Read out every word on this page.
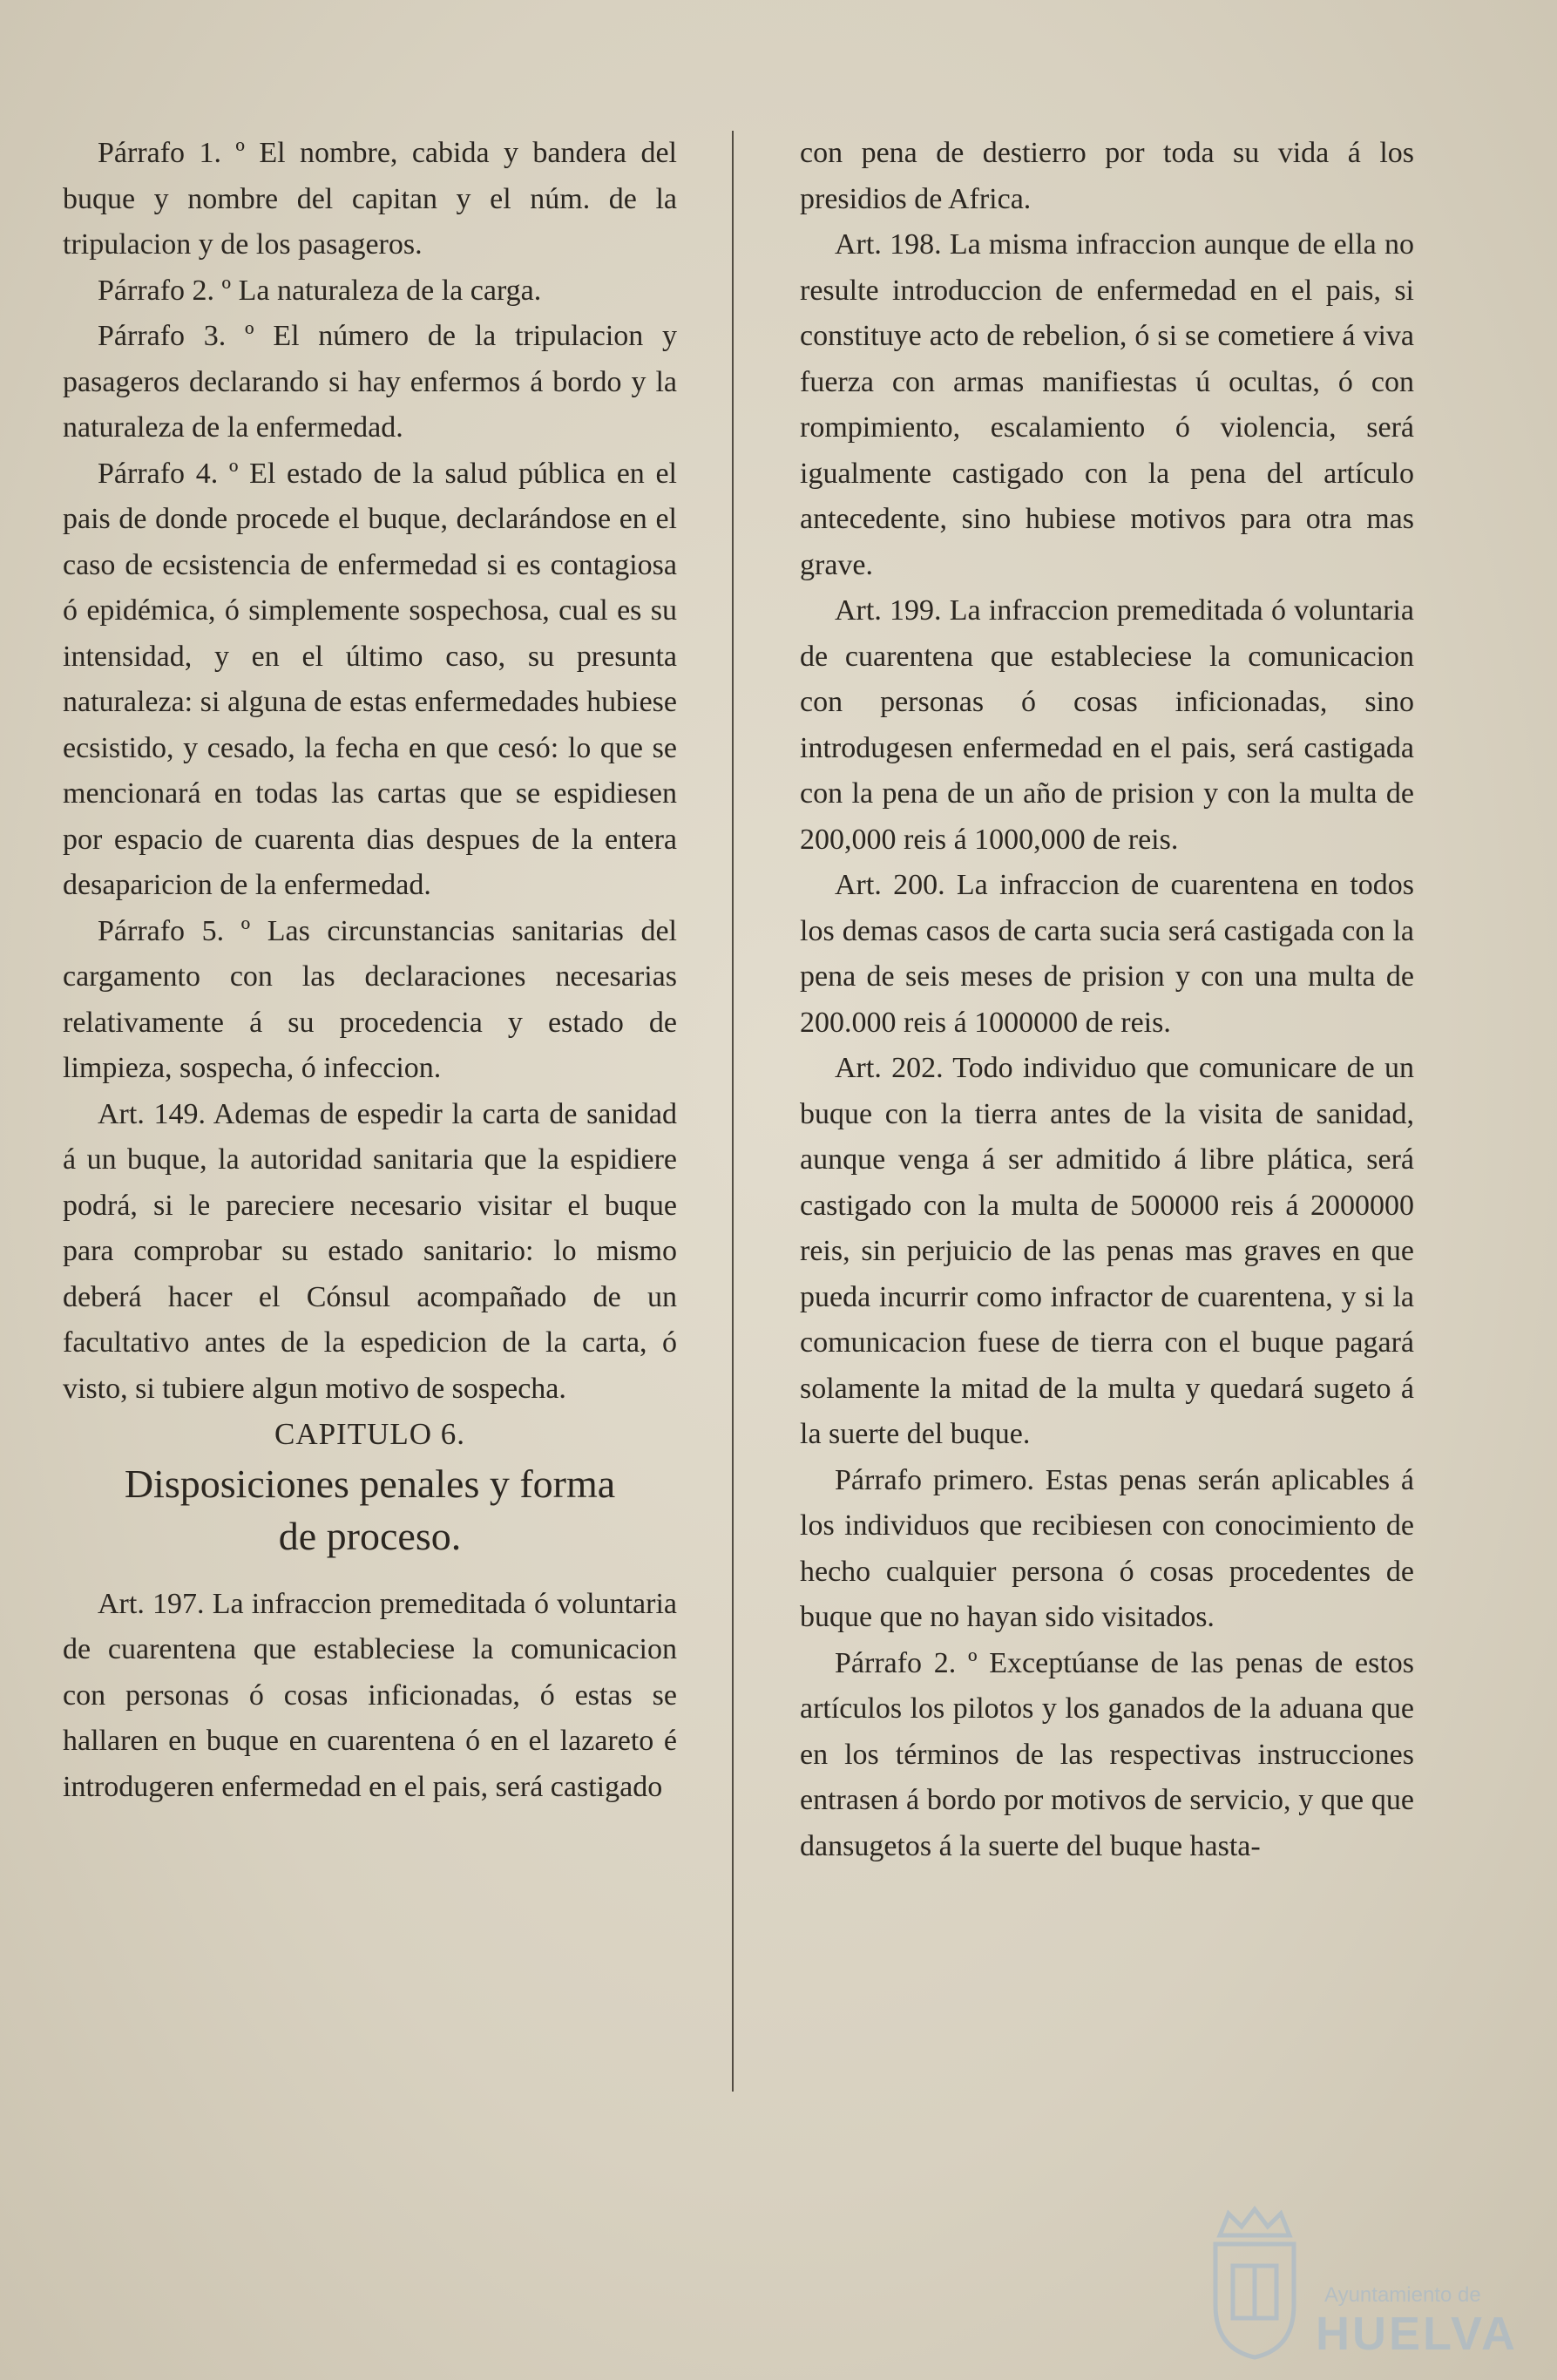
Párrafo 1. º El nombre, cabida y bandera del buque y nombre del capitan y el núm. de la tripulacion y de los pasageros.

Párrafo 2. º La naturaleza de la carga.

Párrafo 3. º El número de la tripulacion y pasageros declarando si hay enfermos á bordo y la naturaleza de la enfermedad.

Párrafo 4. º El estado de la salud pública en el pais de donde procede el buque, declarándose en el caso de ecsistencia de enfermedad si es contagiosa ó epidémica, ó simplemente sospechosa, cual es su intensidad, y en el último caso, su presunta naturaleza: si alguna de estas enfermedades hubiese ecsistido, y cesado, la fecha en que cesó: lo que se mencionará en todas las cartas que se espidiesen por espacio de cuarenta dias despues de la entera desaparicion de la enfermedad.

Párrafo 5. º Las circunstancias sanitarias del cargamento con las declaraciones necesarias relativamente á su procedencia y estado de limpieza, sospecha, ó infeccion.

Art. 149. Ademas de espedir la carta de sanidad á un buque, la autoridad sanitaria que la espidiere podrá, si le pareciere necesario visitar el buque para comprobar su estado sanitario: lo mismo deberá hacer el Cónsul acompañado de un facultativo antes de la espedicion de la carta, ó visto, si tubiere algun motivo de sospecha.

CAPITULO 6.

Disposiciones penales y forma
de proceso.

Art. 197. La infraccion premeditada ó voluntaria de cuarentena que estableciese la comunicacion con personas ó cosas inficionadas, ó estas se hallaren en buque en cuarentena ó en el lazareto é introdugeren enfermedad en el pais, será castigado

con pena de destierro por toda su vida á los presidios de Africa.

Art. 198. La misma infraccion aunque de ella no resulte introduccion de enfermedad en el pais, si constituye acto de rebelion, ó si se cometiere á viva fuerza con armas manifiestas ú ocultas, ó con rompimiento, escalamiento ó violencia, será igualmente castigado con la pena del artículo antecedente, sino hubiese motivos para otra mas grave.

Art. 199. La infraccion premeditada ó voluntaria de cuarentena que estableciese la comunicacion con personas ó cosas inficionadas, sino introdugesen enfermedad en el pais, será castigada con la pena de un año de prision y con la multa de 200,000 reis á 1000,000 de reis.

Art. 200. La infraccion de cuarentena en todos los demas casos de carta sucia será castigada con la pena de seis meses de prision y con una multa de 200.000 reis á 1000000 de reis.

Art. 202. Todo individuo que comunicare de un buque con la tierra antes de la visita de sanidad, aunque venga á ser admitido á libre plática, será castigado con la multa de 500000 reis á 2000000 reis, sin perjuicio de las penas mas graves en que pueda incurrir como infractor de cuarentena, y si la comunicacion fuese de tierra con el buque pagará solamente la mitad de la multa y quedará sugeto á la suerte del buque.

Párrafo primero. Estas penas serán aplicables á los individuos que recibiesen con conocimiento de hecho cualquier persona ó cosas procedentes de buque que no hayan sido visitados.

Párrafo 2. º Exceptúanse de las penas de estos artículos los pilotos y los ganados de la aduana que en los términos de las respectivas instrucciones entrasen á bordo por motivos de servicio, y que que dansugetos á la suerte del buque hasta-

Ayuntamiento de
HUELVA
